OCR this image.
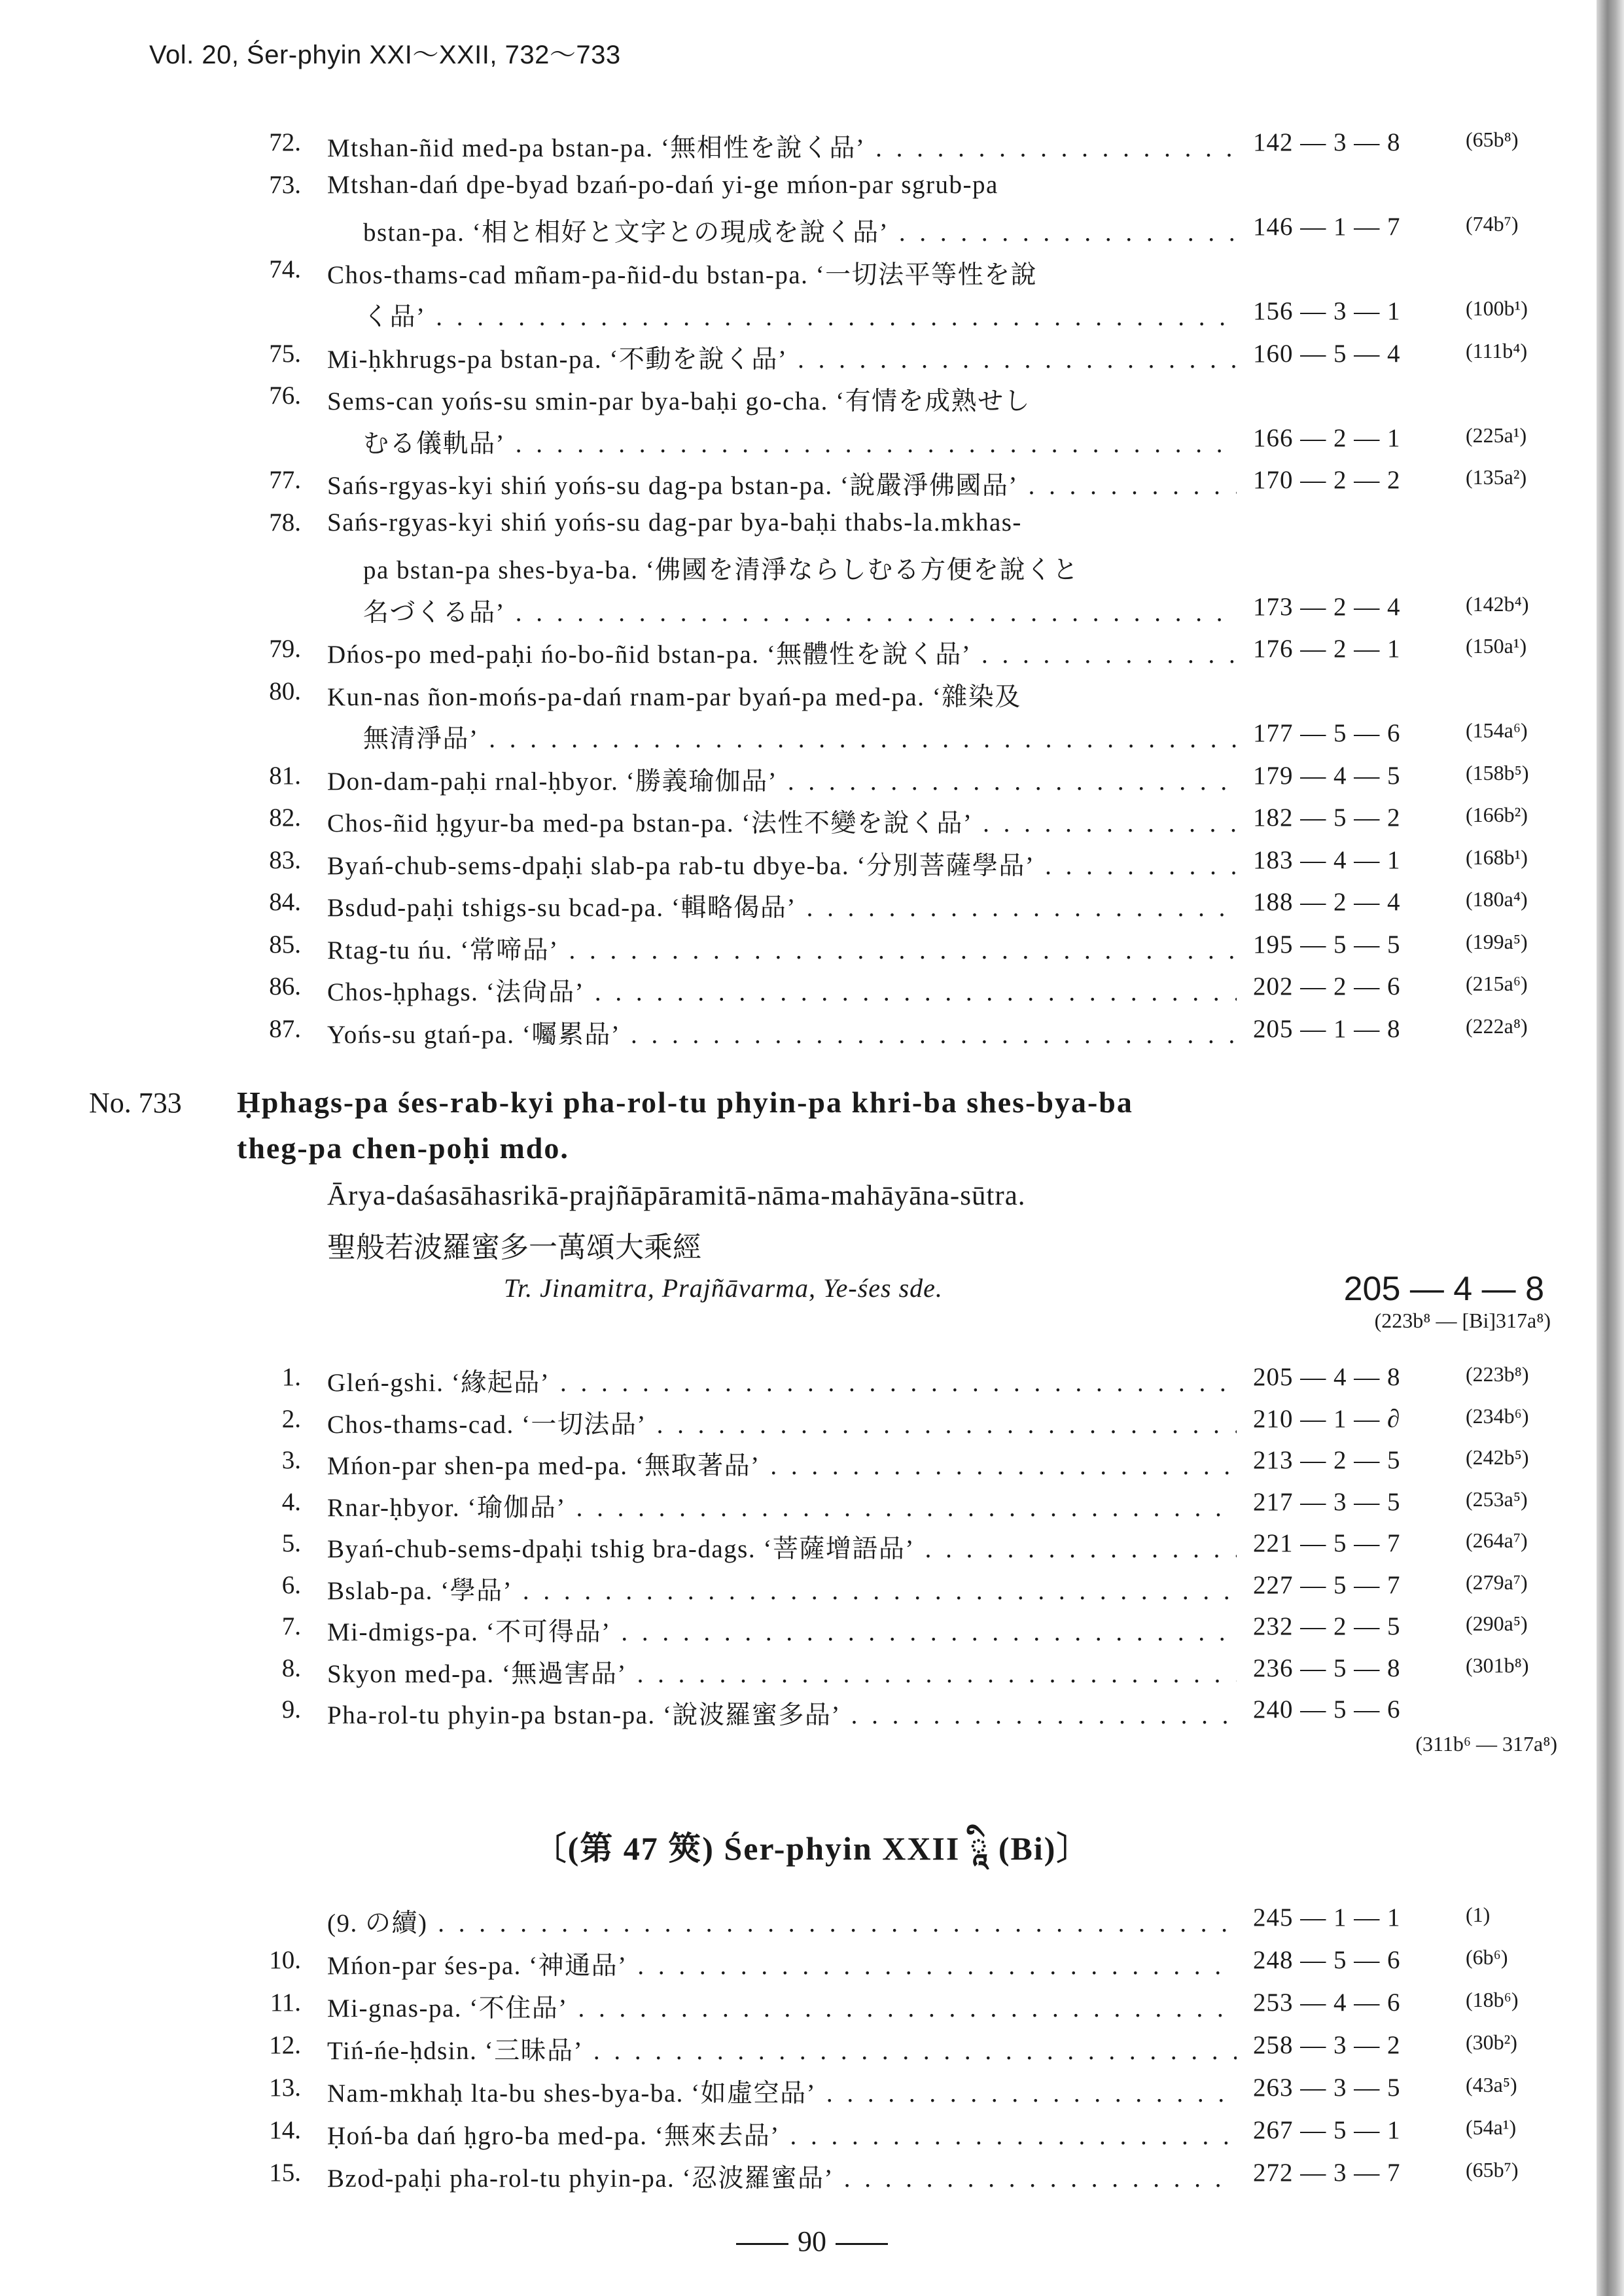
Vol. 20, Śer-phyin XXI～XXII, 732～733
72. Mtshan-ñid med-pa bstan-pa. ‘無相性を說く品’ . . .	142 — 3 — 8	(65b⁸)
73. Mtshan-dań dpe-byad bzań-po-dań yi-ge mńon-par sgrub-pa
bstan-pa. ‘相と相好と文字との現成を說く品’ . . .	146 — 1 — 7	(74b⁷)
74. Chos-thams-cad mñam-pa-ñid-du bstan-pa. ‘一切法平等性を說
く品’ . . .	156 — 3 — 1	(100b¹)
75. Mi-ḥkhrugs-pa bstan-pa. ‘不動を說く品’ . . .	160 — 5 — 4	(111b⁴)
76. Sems-can yońs-su smin-par bya-baḥi go-cha. ‘有情を成熟せし
むる儀軌品’ . . .	166 — 2 — 1	(225a¹)
77. Sańs-rgyas-kyi shiń yońs-su dag-pa bstan-pa. ‘說嚴淨佛國品’ . . .	170 — 2 — 2	(135a²)
78. Sańs-rgyas-kyi shiń yońs-su dag-par bya-baḥi thabs-la.mkhas-
pa bstan-pa shes-bya-ba. ‘佛國を清淨ならしむる方便を說くと
名づくる品’ . . .	173 — 2 — 4	(142b⁴)
79. Dńos-po med-paḥi ńo-bo-ñid bstan-pa. ‘無體性を說く品’ . . .	176 — 2 — 1	(150a¹)
80. Kun-nas ñon-mońs-pa-dań rnam-par byań-pa med-pa. ‘雜染及
無清淨品’ . . .	177 — 5 — 6	(154a⁶)
81. Don-dam-paḥi rnal-ḥbyor. ‘勝義瑜伽品’ . . .	179 — 4 — 5	(158b⁵)
82. Chos-ñid ḥgyur-ba med-pa bstan-pa. ‘法性不變を說く品’ . . .	182 — 5 — 2	(166b²)
83. Byań-chub-sems-dpaḥi slab-pa rab-tu dbye-ba. ‘分別菩薩學品’ . . .	183 — 4 — 1	(168b¹)
84. Bsdud-paḥi tshigs-su bcad-pa. ‘輯略偈品’ . . .	188 — 2 — 4	(180a⁴)
85. Rtag-tu ńu. ‘常啼品’ . . .	195 — 5 — 5	(199a⁵)
86. Chos-ḥphags. ‘法尙品’ . . .	202 — 2 — 6	(215a⁶)
87. Yońs-su gtań-pa. ‘囑累品’ . . .	205 — 1 — 8	(222a⁸)
No. 733 Ḥphags-pa śes-rab-kyi pha-rol-tu phyin-pa khri-ba shes-bya-ba
theg-pa chen-poḥi mdo.
Ārya-daśasāhasrikā-prajñāpāramitā-nāma-mahāyāna-sūtra.
聖般若波羅蜜多一萬頌大乘經
Tr. Jinamitra, Prajñāvarma, Ye-śes sde.	205 — 4 — 8
(223b⁸ — [Bi]317a⁸)
1. Gleń-gshi. ‘緣起品’ . . .	205 — 4 — 8	(223b⁸)
2. Chos-thams-cad. ‘一切法品’ . . .	210 — 1 — ∂	(234b⁶)
3. Mńon-par shen-pa med-pa. ‘無取著品’ . . .	213 — 2 — 5	(242b⁵)
4. Rnar-ḥbyor. ‘瑜伽品’ . . .	217 — 3 — 5	(253a⁵)
5. Byań-chub-sems-dpaḥi tshig bra-dags. ‘菩薩增語品’ . . .	221 — 5 — 7	(264a⁷)
6. Bslab-pa. ‘學品’ . . .	227 — 5 — 7	(279a⁷)
7. Mi-dmigs-pa. ‘不可得品’ . . .	232 — 2 — 5	(290a⁵)
8. Skyon med-pa. ‘無過害品’ . . .	236 — 5 — 8	(301b⁸)
9. Pha-rol-tu phyin-pa bstan-pa. ‘說波羅蜜多品’ . . .	240 — 5 — 6
(311b⁶ — 317a⁸)
〔(第 47 筴) Śer-phyin XXII ཱི (Bi)〕
(9. の續) . . .	245 — 1 — 1	(1)
10. Mńon-par śes-pa. ‘神通品’ . . .	248 — 5 — 6	(6b⁶)
11. Mi-gnas-pa. ‘不住品’ . . .	253 — 4 — 6	(18b⁶)
12. Tiń-ńe-ḥdsin. ‘三昧品’ . . .	258 — 3 — 2	(30b²)
13. Nam-mkhaḥ lta-bu shes-bya-ba. ‘如虛空品’ . . .	263 — 3 — 5	(43a⁵)
14. Ḥoń-ba dań ḥgro-ba med-pa. ‘無來去品’ . . .	267 — 5 — 1	(54a¹)
15. Bzod-paḥi pha-rol-tu phyin-pa. ‘忍波羅蜜品’ . . .	272 — 3 — 7	(65b⁷)
90
